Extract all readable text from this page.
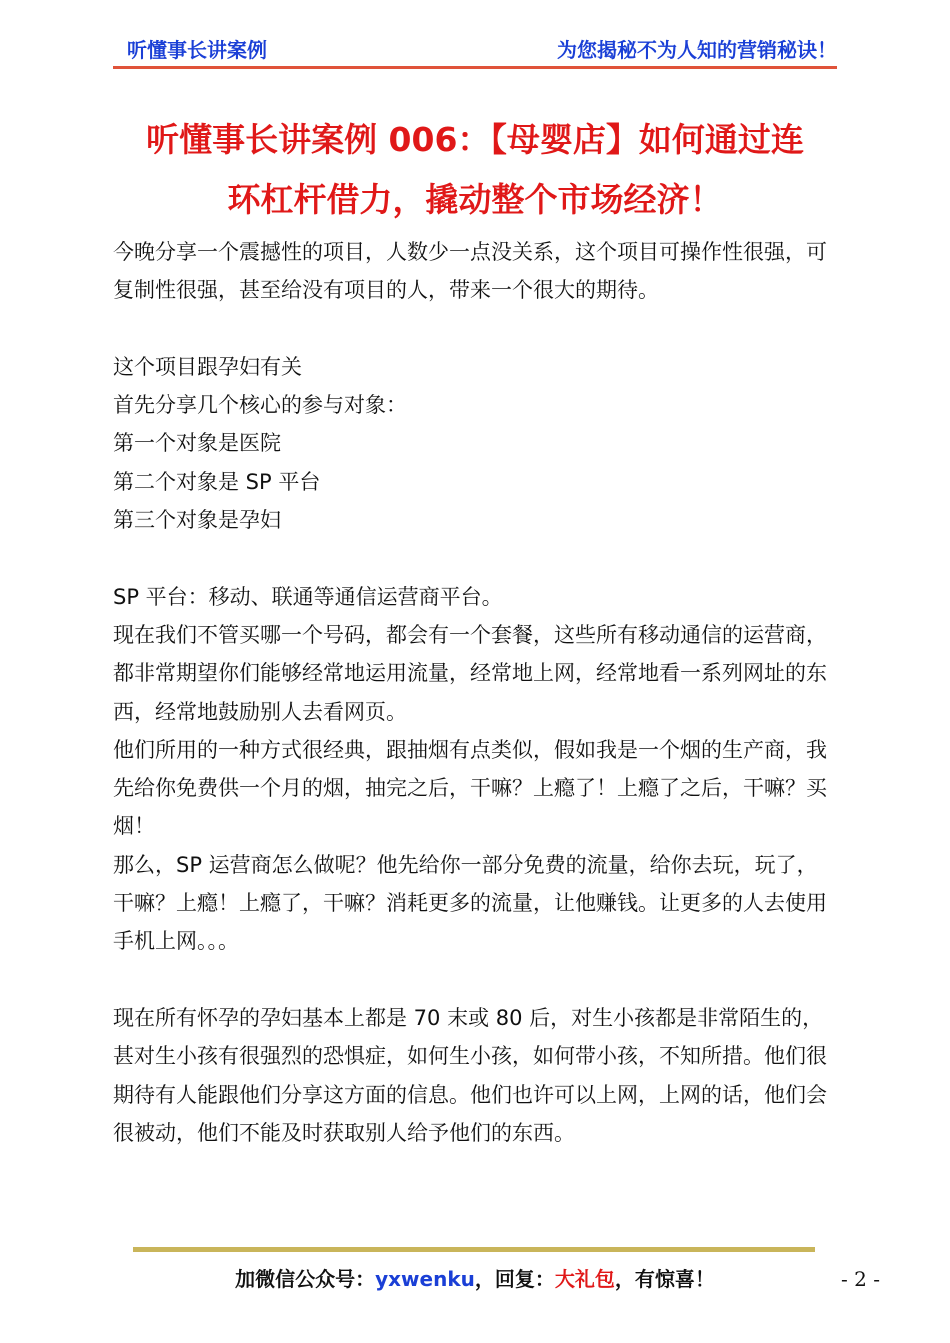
听懂事长讲案例	为您揭秘不为人知的营销秘诀！
听懂事长讲案例 006：【母婴店】如何通过连
环杠杆借力，撬动整个市场经济！

今晚分享一个震撼性的项目，人数少一点没关系，这个项目可操作性很强，可复制性很强，甚至给没有项目的人，带来一个很大的期待。

这个项目跟孕妇有关

首先分享几个核心的参与对象：

第一个对象是医院

第二个对象是 SP 平台

第三个对象是孕妇

SP 平台：移动、联通等通信运营商平台。

现在我们不管买哪一个号码，都会有一个套餐，这些所有移动通信的运营商，都非常期望你们能够经常地运用流量，经常地上网，经常地看一系列网址的东西，经常地鼓励别人去看网页。

他们所用的一种方式很经典，跟抽烟有点类似，假如我是一个烟的生产商，我先给你免费供一个月的烟，抽完之后，干嘛？上瘾了！上瘾了之后，干嘛？买烟！

那么，SP 运营商怎么做呢？他先给你一部分免费的流量，给你去玩，玩了，干嘛？上瘾！上瘾了，干嘛？消耗更多的流量，让他赚钱。让更多的人去使用手机上网。。。

现在所有怀孕的孕妇基本上都是 70 末或 80 后，对生小孩都是非常陌生的，甚对生小孩有很强烈的恐惧症，如何生小孩，如何带小孩，不知所措。他们很期待有人能跟他们分享这方面的信息。他们也许可以上网，上网的话，他们会很被动，他们不能及时获取别人给予他们的东西。

加微信公众号：yxwenku，回复：大礼包，有惊喜！	- 2 -
